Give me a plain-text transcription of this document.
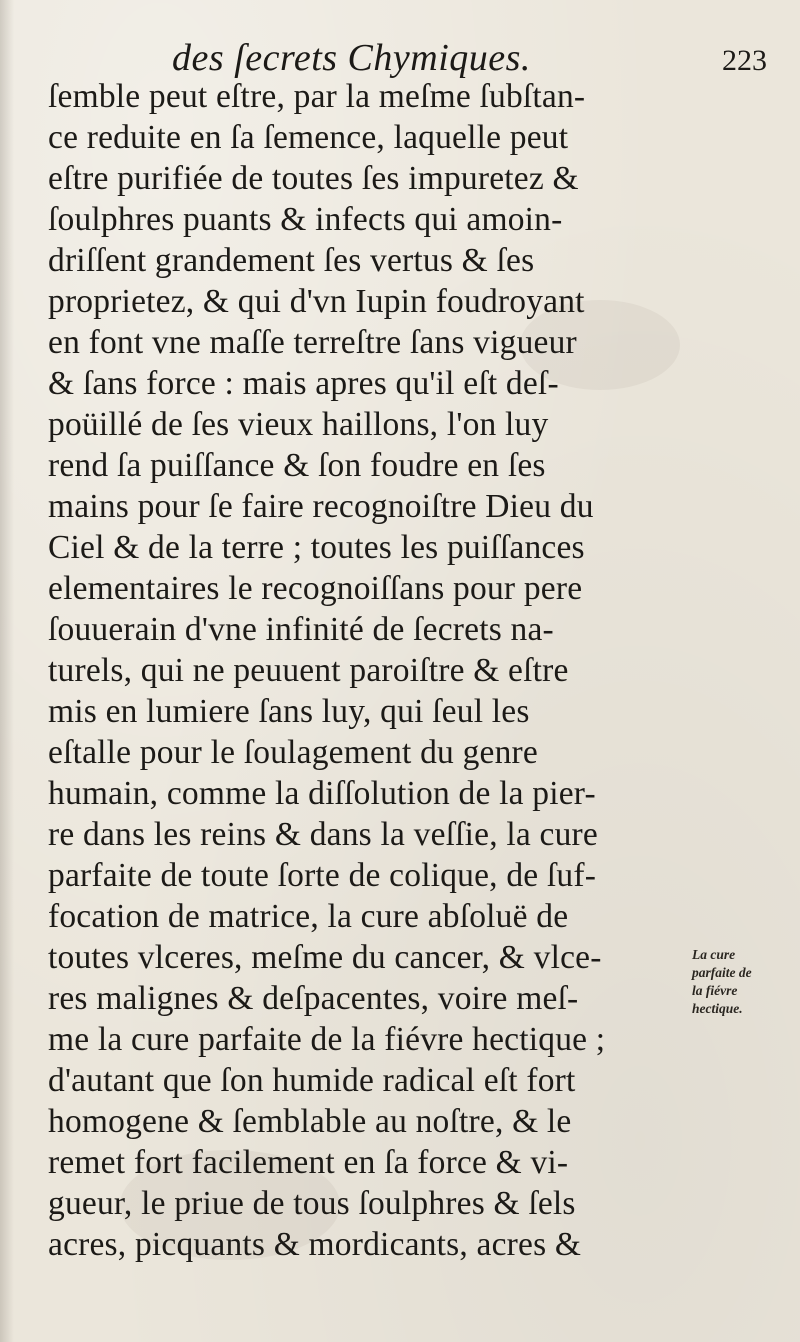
des ſecrets Chymiques.	223
ſemble peut eſtre, par la meſme ſubſtan-
ce reduite en ſa ſemence, laquelle peut
eſtre purifiée de toutes ſes impuretez &
ſoulphres puants & infects qui amoin-
driſſent grandement ſes vertus & ſes
proprietez, & qui d'vn Iupin foudroyant
en font vne maſſe terreſtre ſans vigueur
& ſans force : mais apres qu'il eſt deſ-
poüillé de ſes vieux haillons, l'on luy
rend ſa puiſſance & ſon foudre en ſes
mains pour ſe faire recognoiſtre Dieu du
Ciel & de la terre ; toutes les puiſſances
elementaires le recognoiſſans pour pere
ſouuerain d'vne infinité de ſecrets na-
turels, qui ne peuuent paroiſtre & eſtre
mis en lumiere ſans luy, qui ſeul les
eſtalle pour le ſoulagement du genre
humain, comme la diſſolution de la pier-
re dans les reins & dans la veſſie, la cure
parfaite de toute ſorte de colique, de ſuf-
focation de matrice, la cure abſoluë de
toutes vlceres, meſme du cancer, & vlce-
res malignes & deſpacentes, voire meſ-
me la cure parfaite de la fiévre hectique ;
d'autant que ſon humide radical eſt fort
homogene & ſemblable au noſtre, & le
remet fort facilement en ſa force & vi-
gueur, le priue de tous ſoulphres & ſels
acres, picquants & mordicants, acres &
La cure
parfaite de
la fiévre
hectique.
